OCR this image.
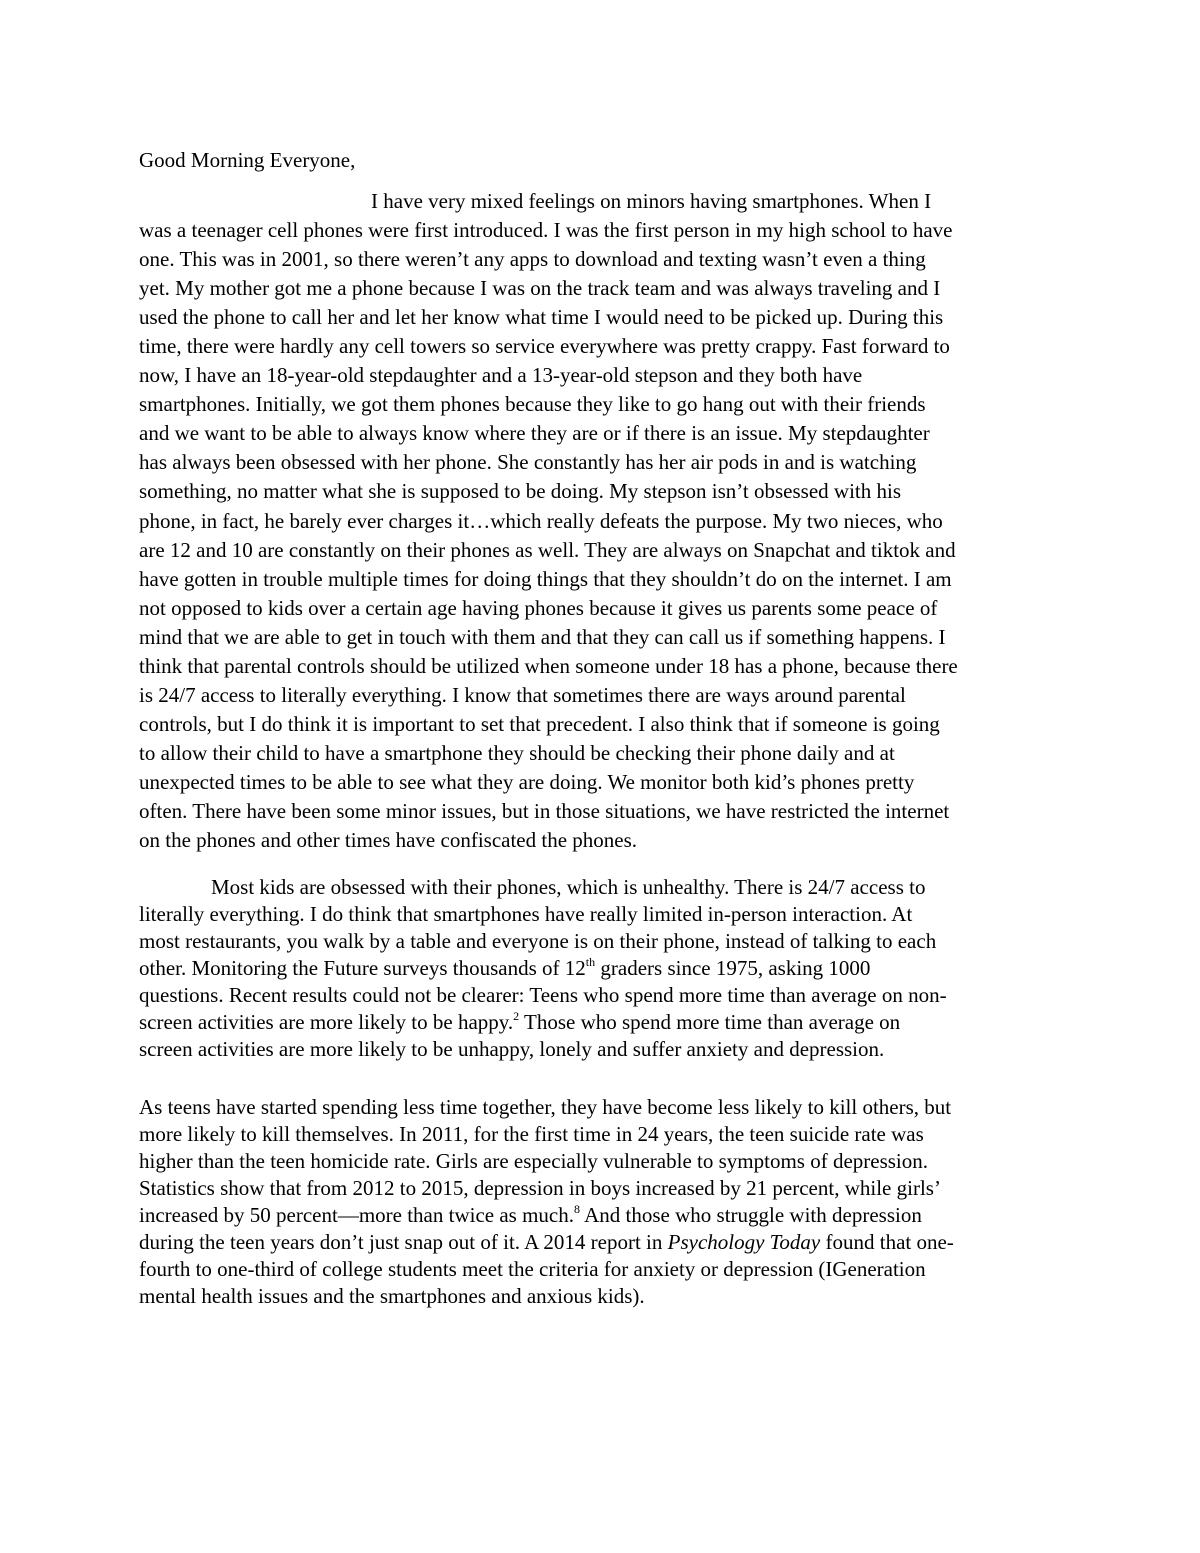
Good Morning Everyone,
I have very mixed feelings on minors having smartphones. When I
was a teenager cell phones were first introduced. I was the first person in my high school to have
one. This was in 2001, so there weren’t any apps to download and texting wasn’t even a thing
yet. My mother got me a phone because I was on the track team and was always traveling and I
used the phone to call her and let her know what time I would need to be picked up. During this
time, there were hardly any cell towers so service everywhere was pretty crappy. Fast forward to
now, I have an 18-year-old stepdaughter and a 13-year-old stepson and they both have
smartphones. Initially, we got them phones because they like to go hang out with their friends
and we want to be able to always know where they are or if there is an issue. My stepdaughter
has always been obsessed with her phone. She constantly has her air pods in and is watching
something, no matter what she is supposed to be doing. My stepson isn’t obsessed with his
phone, in fact, he barely ever charges it…which really defeats the purpose. My two nieces, who
are 12 and 10 are constantly on their phones as well. They are always on Snapchat and tiktok and
have gotten in trouble multiple times for doing things that they shouldn’t do on the internet. I am
not opposed to kids over a certain age having phones because it gives us parents some peace of
mind that we are able to get in touch with them and that they can call us if something happens. I
think that parental controls should be utilized when someone under 18 has a phone, because there
is 24/7 access to literally everything. I know that sometimes there are ways around parental
controls, but I do think it is important to set that precedent. I also think that if someone is going
to allow their child to have a smartphone they should be checking their phone daily and at
unexpected times to be able to see what they are doing. We monitor both kid’s phones pretty
often. There have been some minor issues, but in those situations, we have restricted the internet
on the phones and other times have confiscated the phones.
Most kids are obsessed with their phones, which is unhealthy. There is 24/7 access to
literally everything. I do think that smartphones have really limited in-person interaction. At
most restaurants, you walk by a table and everyone is on their phone, instead of talking to each
other. Monitoring the Future surveys thousands of 12th graders since 1975, asking 1000
questions. Recent results could not be clearer: Teens who spend more time than average on non-
screen activities are more likely to be happy.$^2$ Those who spend more time than average on
screen activities are more likely to be unhappy, lonely and suffer anxiety and depression.
As teens have started spending less time together, they have become less likely to kill others, but
more likely to kill themselves. In 2011, for the first time in 24 years, the teen suicide rate was
higher than the teen homicide rate. Girls are especially vulnerable to symptoms of depression.
Statistics show that from 2012 to 2015, depression in boys increased by 21 percent, while girls’
increased by 50 percent—more than twice as much.$^8$ And those who struggle with depression
during the teen years don’t just snap out of it. A 2014 report in Psychology Today found that one-
fourth to one-third of college students meet the criteria for anxiety or depression (IGeneration
mental health issues and the smartphones and anxious kids).
